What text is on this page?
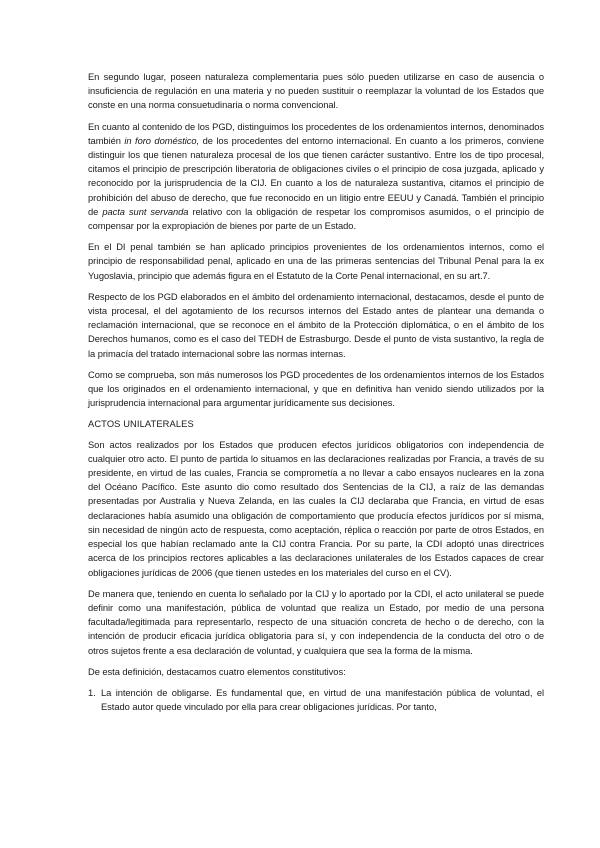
En segundo lugar, poseen naturaleza complementaria pues sólo pueden utilizarse en caso de ausencia o insuficiencia de regulación en una materia y no pueden sustituir o reemplazar la voluntad de los Estados que conste en una norma consuetudinaria o norma convencional.

En cuanto al contenido de los PGD, distinguimos los procedentes de los ordenamientos internos, denominados también in foro doméstico, de los procedentes del entorno internacional. En cuanto a los primeros, conviene distinguir los que tienen naturaleza procesal de los que tienen carácter sustantivo. Entre los de tipo procesal, citamos el principio de prescripción liberatoria de obligaciones civiles o el principio de cosa juzgada, aplicado y reconocido por la jurisprudencia de la CIJ. En cuanto a los de naturaleza sustantiva, citamos el principio de prohibición del abuso de derecho, que fue reconocido en un litigio entre EEUU y Canadá. También el principio de pacta sunt servanda relativo con la obligación de respetar los compromisos asumidos, o el principio de compensar por la expropiación de bienes por parte de un Estado.

En el DI penal también se han aplicado principios provenientes de los ordenamientos internos, como el principio de responsabilidad penal, aplicado en una de las primeras sentencias del Tribunal Penal para la ex Yugoslavia, principio que además figura en el Estatuto de la Corte Penal internacional, en su art.7.

Respecto de los PGD elaborados en el ámbito del ordenamiento internacional, destacamos, desde el punto de vista procesal, el del agotamiento de los recursos internos del Estado antes de plantear una demanda o reclamación internacional, que se reconoce en el ámbito de la Protección diplomática, o en el ámbito de los Derechos humanos, como es el caso del TEDH de Estrasburgo. Desde el punto de vista sustantivo, la regla de la primacía del tratado internacional sobre las normas internas.

Como se comprueba, son más numerosos los PGD procedentes de los ordenamientos internos de los Estados que los originados en el ordenamiento internacional, y que en definitiva han venido siendo utilizados por la jurisprudencia internacional para argumentar jurídicamente sus decisiones.

ACTOS UNILATERALES

Son actos realizados por los Estados que producen efectos jurídicos obligatorios con independencia de cualquier otro acto. El punto de partida lo situamos en las declaraciones realizadas por Francia, a través de su presidente, en virtud de las cuales, Francia se comprometía a no llevar a cabo ensayos nucleares en la zona del Océano Pacífico. Este asunto dio como resultado dos Sentencias de la CIJ, a raíz de las demandas presentadas por Australia y Nueva Zelanda, en las cuales la CIJ declaraba que Francia, en virtud de esas declaraciones había asumido una obligación de comportamiento que producía efectos jurídicos por sí misma, sin necesidad de ningún acto de respuesta, como aceptación, réplica o reacción por parte de otros Estados, en especial los que habían reclamado ante la CIJ contra Francia. Por su parte, la CDI adoptó unas directrices acerca de los principios rectores aplicables a las declaraciones unilaterales de los Estados capaces de crear obligaciones jurídicas de 2006 (que tienen ustedes en los materiales del curso en el CV).

De manera que, teniendo en cuenta lo señalado por la CIJ y lo aportado por la CDI, el acto unilateral se puede definir como una manifestación, pública de voluntad que realiza un Estado, por medio de una persona facultada/legitimada para representarlo, respecto de una situación concreta de hecho o de derecho, con la intención de producir eficacia jurídica obligatoria para sí, y con independencia de la conducta del otro o de otros sujetos frente a esa declaración de voluntad, y cualquiera que sea la forma de la misma.

De esta definición, destacamos cuatro elementos constitutivos:

1. La intención de obligarse. Es fundamental que, en virtud de una manifestación pública de voluntad, el Estado autor quede vinculado por ella para crear obligaciones jurídicas. Por tanto,
